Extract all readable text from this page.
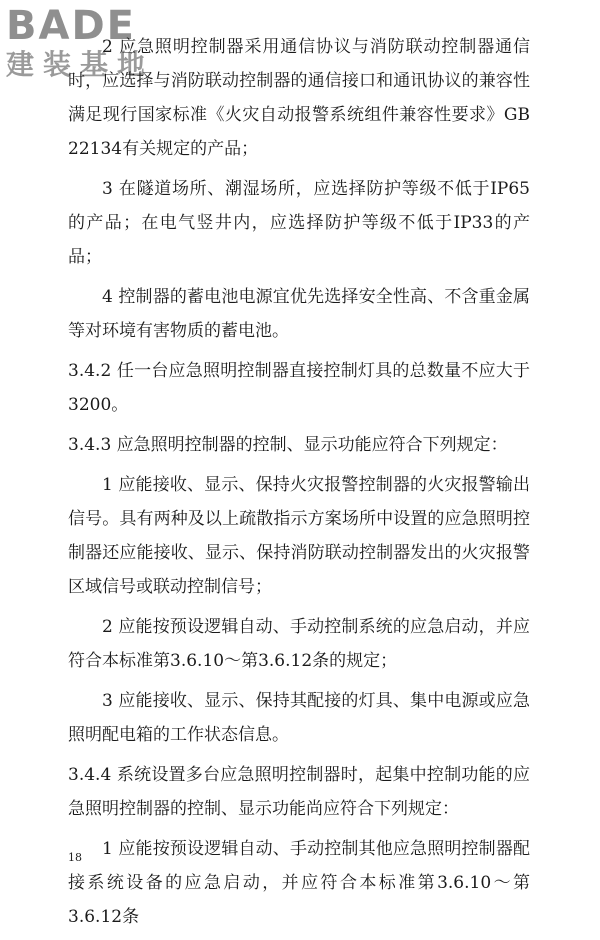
BADE
建装基地

2 应急照明控制器采用通信协议与消防联动控制器通信时，应选择与消防联动控制器的通信接口和通讯协议的兼容性满足现行国家标准《火灾自动报警系统组件兼容性要求》GB 22134有关规定的产品；

3 在隧道场所、潮湿场所，应选择防护等级不低于IP65的产品；在电气竖井内，应选择防护等级不低于IP33的产品；

4 控制器的蓄电池电源宜优先选择安全性高、不含重金属等对环境有害物质的蓄电池。

3.4.2 任一台应急照明控制器直接控制灯具的总数量不应大于3200。

3.4.3 应急照明控制器的控制、显示功能应符合下列规定：

1 应能接收、显示、保持火灾报警控制器的火灾报警输出信号。具有两种及以上疏散指示方案场所中设置的应急照明控制器还应能接收、显示、保持消防联动控制器发出的火灾报警区域信号或联动控制信号；

2 应能按预设逻辑自动、手动控制系统的应急启动，并应符合本标准第3.6.10～第3.6.12条的规定；

3 应能接收、显示、保持其配接的灯具、集中电源或应急照明配电箱的工作状态信息。

3.4.4 系统设置多台应急照明控制器时，起集中控制功能的应急照明控制器的控制、显示功能尚应符合下列规定：

1 应能按预设逻辑自动、手动控制其他应急照明控制器配接系统设备的应急启动，并应符合本标准第3.6.10～第3.6.12条

18
